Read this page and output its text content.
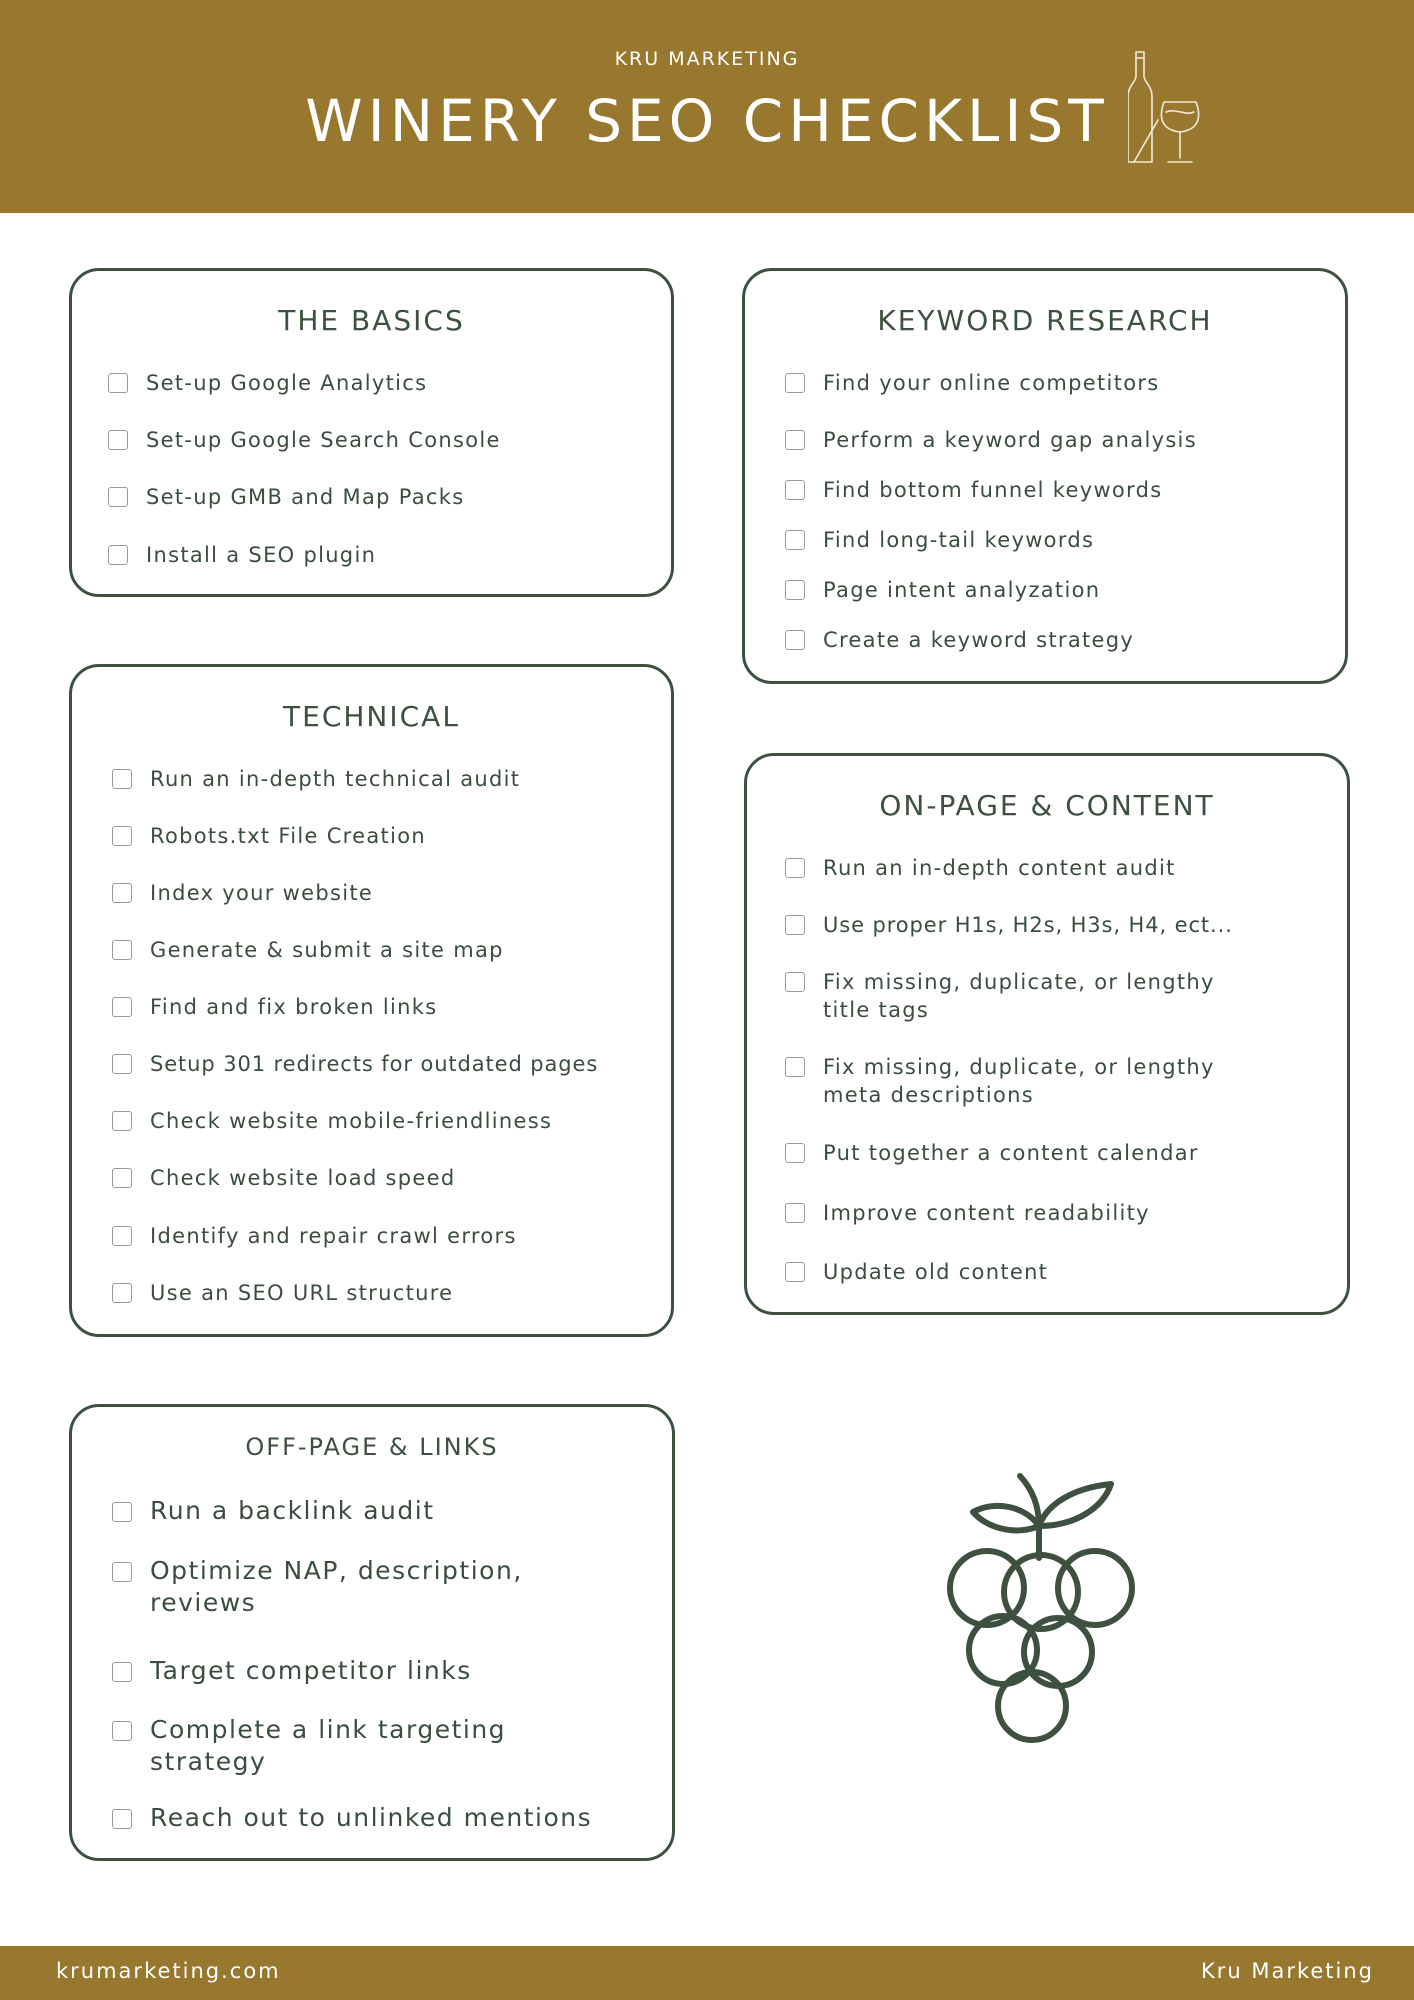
KRU MARKETING
WINERY SEO CHECKLIST
THE BASICS
Set-up Google Analytics
Set-up Google Search Console
Set-up GMB and Map Packs
Install a SEO plugin
KEYWORD RESEARCH
Find your online competitors
Perform a keyword gap analysis
Find bottom funnel keywords
Find long-tail keywords
Page intent analyzation
Create a keyword strategy
TECHNICAL
Run an in-depth technical audit
Robots.txt File Creation
Index your website
Generate & submit a site map
Find and fix broken links
Setup 301 redirects for outdated pages
Check website mobile-friendliness
Check website load speed
Identify and repair crawl errors
Use an SEO URL structure
ON-PAGE & CONTENT
Run an in-depth content audit
Use proper H1s, H2s, H3s, H4, ect...
Fix missing, duplicate, or lengthy
title tags
Fix missing, duplicate, or lengthy
meta descriptions
Put together a content calendar
Improve content readability
Update old content
OFF-PAGE & LINKS
Run a backlink audit
Optimize NAP, description,
reviews
Target competitor links
Complete a link targeting
strategy
Reach out to unlinked mentions
krumarketing.com	Kru Marketing
